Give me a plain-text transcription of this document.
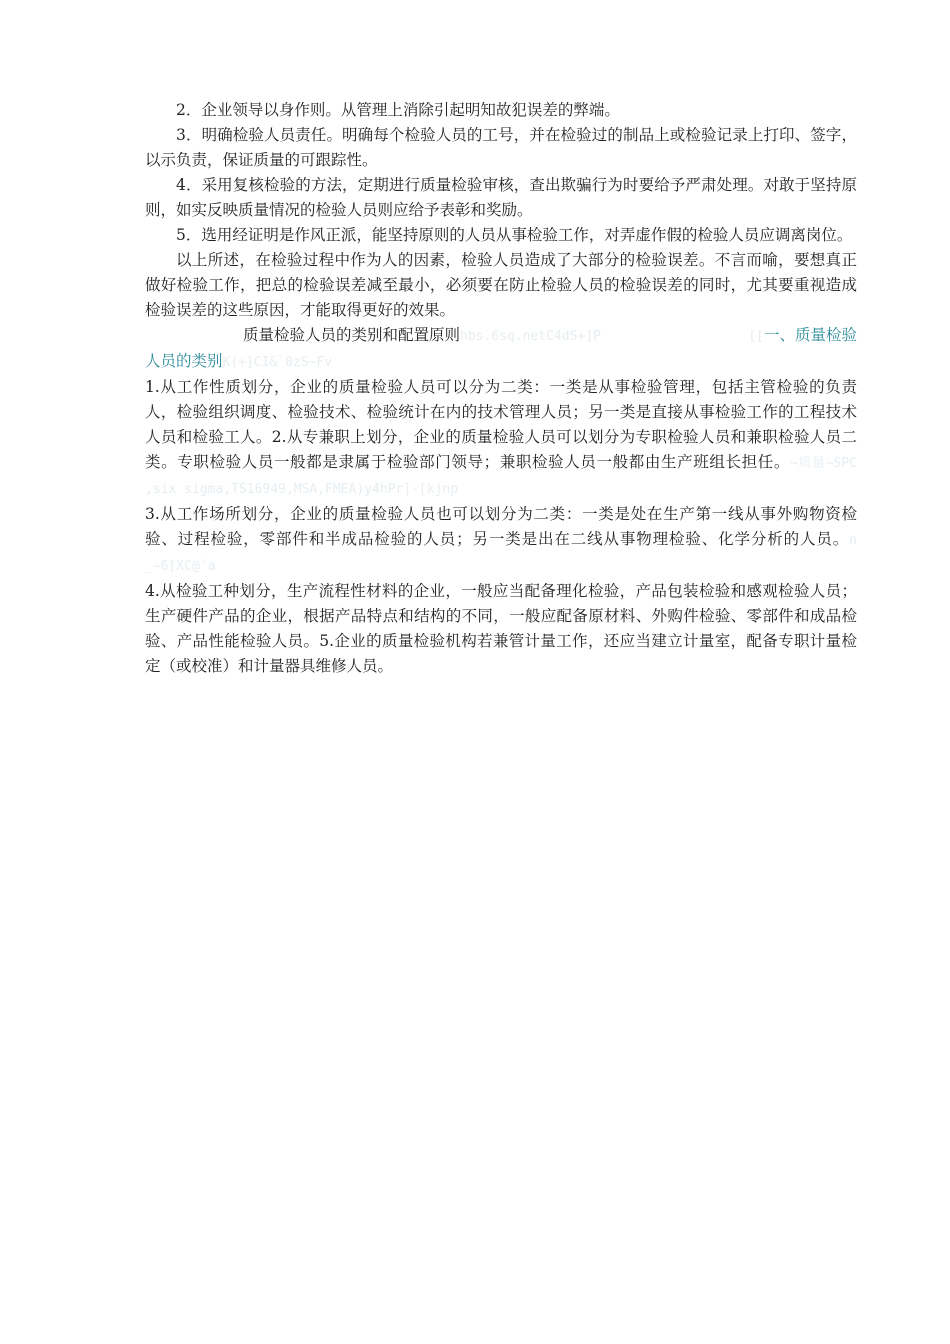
2．企业领导以身作则。从管理上消除引起明知故犯误差的弊端。

3．明确检验人员责任。明确每个检验人员的工号，并在检验过的制品上或检验记录上打印、签字，以示负责，保证质量的可跟踪性。

4．采用复核检验的方法，定期进行质量检验审核，查出欺骗行为时要给予严肃处理。对敢于坚持原则，如实反映质量情况的检验人员则应给予表彰和奖励。

5．选用经证明是作风正派，能坚持原则的人员从事检验工作，对弄虚作假的检验人员应调离岗位。

以上所述，在检验过程中作为人的因素，检验人员造成了大部分的检验误差。不言而喻，要想真正做好检验工作，把总的检验误差减至最小，必须要在防止检验人员的检验误差的同时，尤其要重视造成检验误差的这些原因，才能取得更好的效果。

质量检验人员的类别和配置原则hbs.6sq.netC4dS+]P	[[一、质量检验

人员的类别K(+]CI&`0zS~Fv

1.从工作性质划分，企业的质量检验人员可以分为二类：一类是从事检验管理，包括主管检验的负责人，检验组织调度、检验技术、检验统计在内的技术管理人员；另一类是直接从事检验工作的工程技术人员和检验工人。2.从专兼职上划分，企业的质量检验人员可以划分为专职检验人员和兼职检验人员二类。专职检验人员一般都是隶属于检验部门领导；兼职检验人员一般都由生产班组长担任。~质量~SPC ,six sigma,TS16949,MSA,FMEA)y4hPr]-[kjnp

3.从工作场所划分，企业的质量检验人员也可以划分为二类：一类是处在生产第一线从事外购物资检验、过程检验，零部件和半成品检验的人员；另一类是出在二线从事物理检验、化学分析的人员。n _~6[XC@`a

4.从检验工种划分，生产流程性材料的企业，一般应当配备理化检验，产品包装检验和感观检验人员；生产硬件产品的企业，根据产品特点和结构的不同，一般应配备原材料、外购件检验、零部件和成品检验、产品性能检验人员。5.企业的质量检验机构若兼管计量工作，还应当建立计量室，配备专职计量检定（或校准）和计量器具维修人员。
